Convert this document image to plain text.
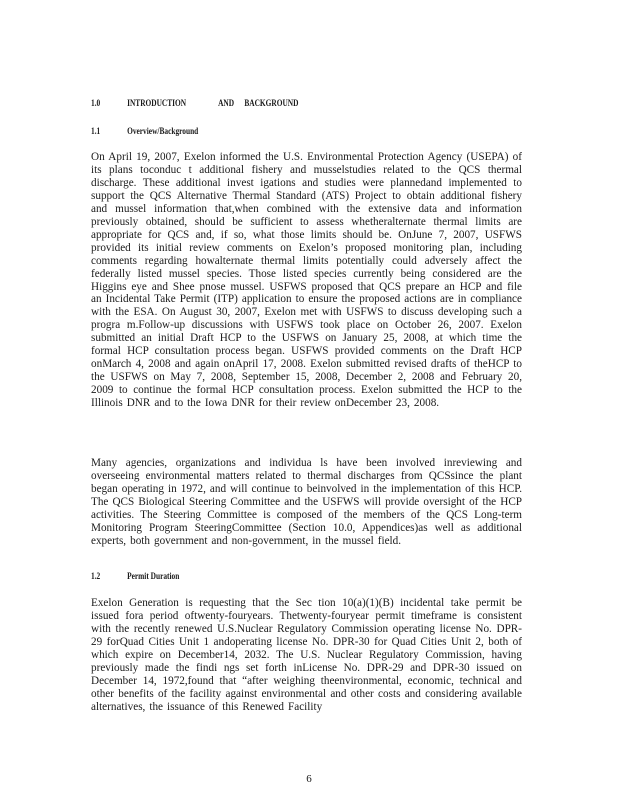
1.0	INTRODUCTION	AND BACKGROUND
1.1	Overview/Background

On April 19, 2007, Exelon informed the U.S. Environmental Protection Agency (USEPA) of its plans toconduc t additional fishery and musselstudies related to the QCS thermal discharge. These additional invest igations and studies were plannedand implemented to support the QCS Alternative Thermal Standard (ATS) Project to obtain additional fishery and mussel information that,when combined with the extensive data and information previously obtained, should be sufficient to assess whetheralternate thermal limits are appropriate for QCS and, if so, what those limits should be. OnJune 7, 2007, USFWS provided its initial review comments on Exelon’s proposed monitoring plan, including comments regarding howalternate thermal limits potentially could adversely affect the federally listed mussel species. Those listed species currently being considered are the Higgins eye and Shee pnose mussel. USFWS proposed that QCS prepare an HCP and file an Incidental Take Permit (ITP) application to ensure the proposed actions are in compliance with the ESA. On August 30, 2007, Exelon met with USFWS to discuss developing such a progra m.Follow-up discussions with USFWS took place on October 26, 2007. Exelon submitted an initial Draft HCP to the USFWS on January 25, 2008, at which time the formal HCP consultation process began. USFWS provided comments on the Draft HCP onMarch 4, 2008 and again onApril 17, 2008. Exelon submitted revised drafts of theHCP to the USFWS on May 7, 2008, September 15, 2008, December 2, 2008 and February 20, 2009 to continue the formal HCP consultation process. Exelon submitted the HCP to the Illinois DNR and to the Iowa DNR for their review onDecember 23, 2008.

Many agencies, organizations and individua ls have been involved inreviewing and overseeing environmental matters related to thermal discharges from QCSsince the plant began operating in 1972, and will continue to beinvolved in the implementation of this HCP. The QCS Biological Steering Committee and the USFWS will provide oversight of the HCP activities. The Steering Committee is composed of the members of the QCS Long-term Monitoring Program SteeringCommittee (Section 10.0, Appendices)as well as additional experts, both government and non-government, in the mussel field.

1.2	Permit Duration

Exelon Generation is requesting that the Sec tion 10(a)(1)(B) incidental take permit be issued fora period oftwenty-fouryears. Thetwenty-fouryear permit timeframe is consistent with the recently renewed U.S.Nuclear Regulatory Commission operating license No. DPR-29 forQuad Cities Unit 1 andoperating license No. DPR-30 for Quad Cities Unit 2, both of which expire on December14, 2032. The U.S. Nuclear Regulatory Commission, having previously made the findi ngs set forth inLicense No. DPR-29 and DPR-30 issued on December 14, 1972,found that “after weighing theenvironmental, economic, technical and other benefits of the facility against environmental and other costs and considering available alternatives, the issuance of this Renewed Facility

6
